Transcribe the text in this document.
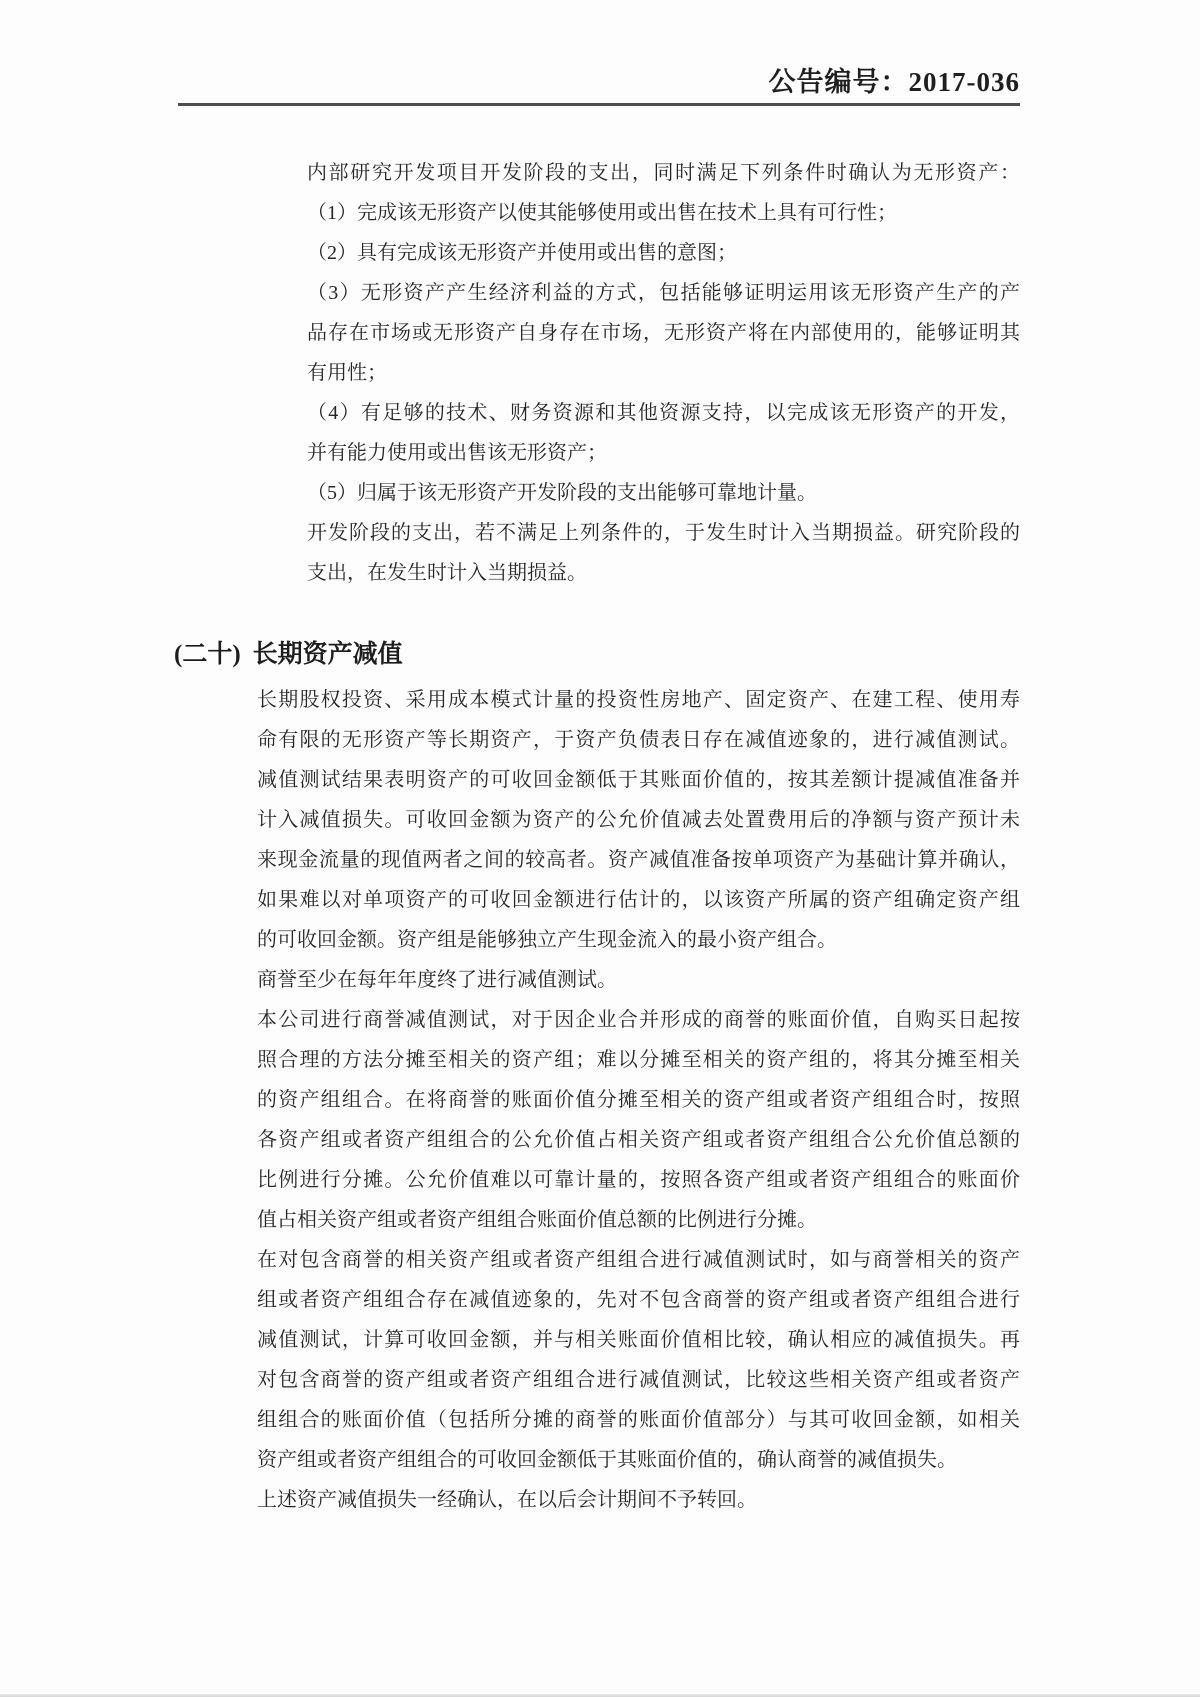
公告编号：2017-036
内部研究开发项目开发阶段的支出，同时满足下列条件时确认为无形资产：
（1）完成该无形资产以使其能够使用或出售在技术上具有可行性；
（2）具有完成该无形资产并使用或出售的意图；
（3）无形资产产生经济利益的方式，包括能够证明运用该无形资产生产的产
品存在市场或无形资产自身存在市场，无形资产将在内部使用的，能够证明其
有用性；
（4）有足够的技术、财务资源和其他资源支持，以完成该无形资产的开发，
并有能力使用或出售该无形资产；
（5）归属于该无形资产开发阶段的支出能够可靠地计量。
开发阶段的支出，若不满足上列条件的，于发生时计入当期损益。研究阶段的
支出，在发生时计入当期损益。
(二十) 长期资产减值
长期股权投资、采用成本模式计量的投资性房地产、固定资产、在建工程、使用寿
命有限的无形资产等长期资产，于资产负债表日存在减值迹象的，进行减值测试。
减值测试结果表明资产的可收回金额低于其账面价值的，按其差额计提减值准备并
计入减值损失。可收回金额为资产的公允价值减去处置费用后的净额与资产预计未
来现金流量的现值两者之间的较高者。资产减值准备按单项资产为基础计算并确认，
如果难以对单项资产的可收回金额进行估计的，以该资产所属的资产组确定资产组
的可收回金额。资产组是能够独立产生现金流入的最小资产组合。
商誉至少在每年年度终了进行减值测试。
本公司进行商誉减值测试，对于因企业合并形成的商誉的账面价值，自购买日起按
照合理的方法分摊至相关的资产组；难以分摊至相关的资产组的，将其分摊至相关
的资产组组合。在将商誉的账面价值分摊至相关的资产组或者资产组组合时，按照
各资产组或者资产组组合的公允价值占相关资产组或者资产组组合公允价值总额的
比例进行分摊。公允价值难以可靠计量的，按照各资产组或者资产组组合的账面价
值占相关资产组或者资产组组合账面价值总额的比例进行分摊。
在对包含商誉的相关资产组或者资产组组合进行减值测试时，如与商誉相关的资产
组或者资产组组合存在减值迹象的，先对不包含商誉的资产组或者资产组组合进行
减值测试，计算可收回金额，并与相关账面价值相比较，确认相应的减值损失。再
对包含商誉的资产组或者资产组组合进行减值测试，比较这些相关资产组或者资产
组组合的账面价值（包括所分摊的商誉的账面价值部分）与其可收回金额，如相关
资产组或者资产组组合的可收回金额低于其账面价值的，确认商誉的减值损失。
上述资产减值损失一经确认，在以后会计期间不予转回。
